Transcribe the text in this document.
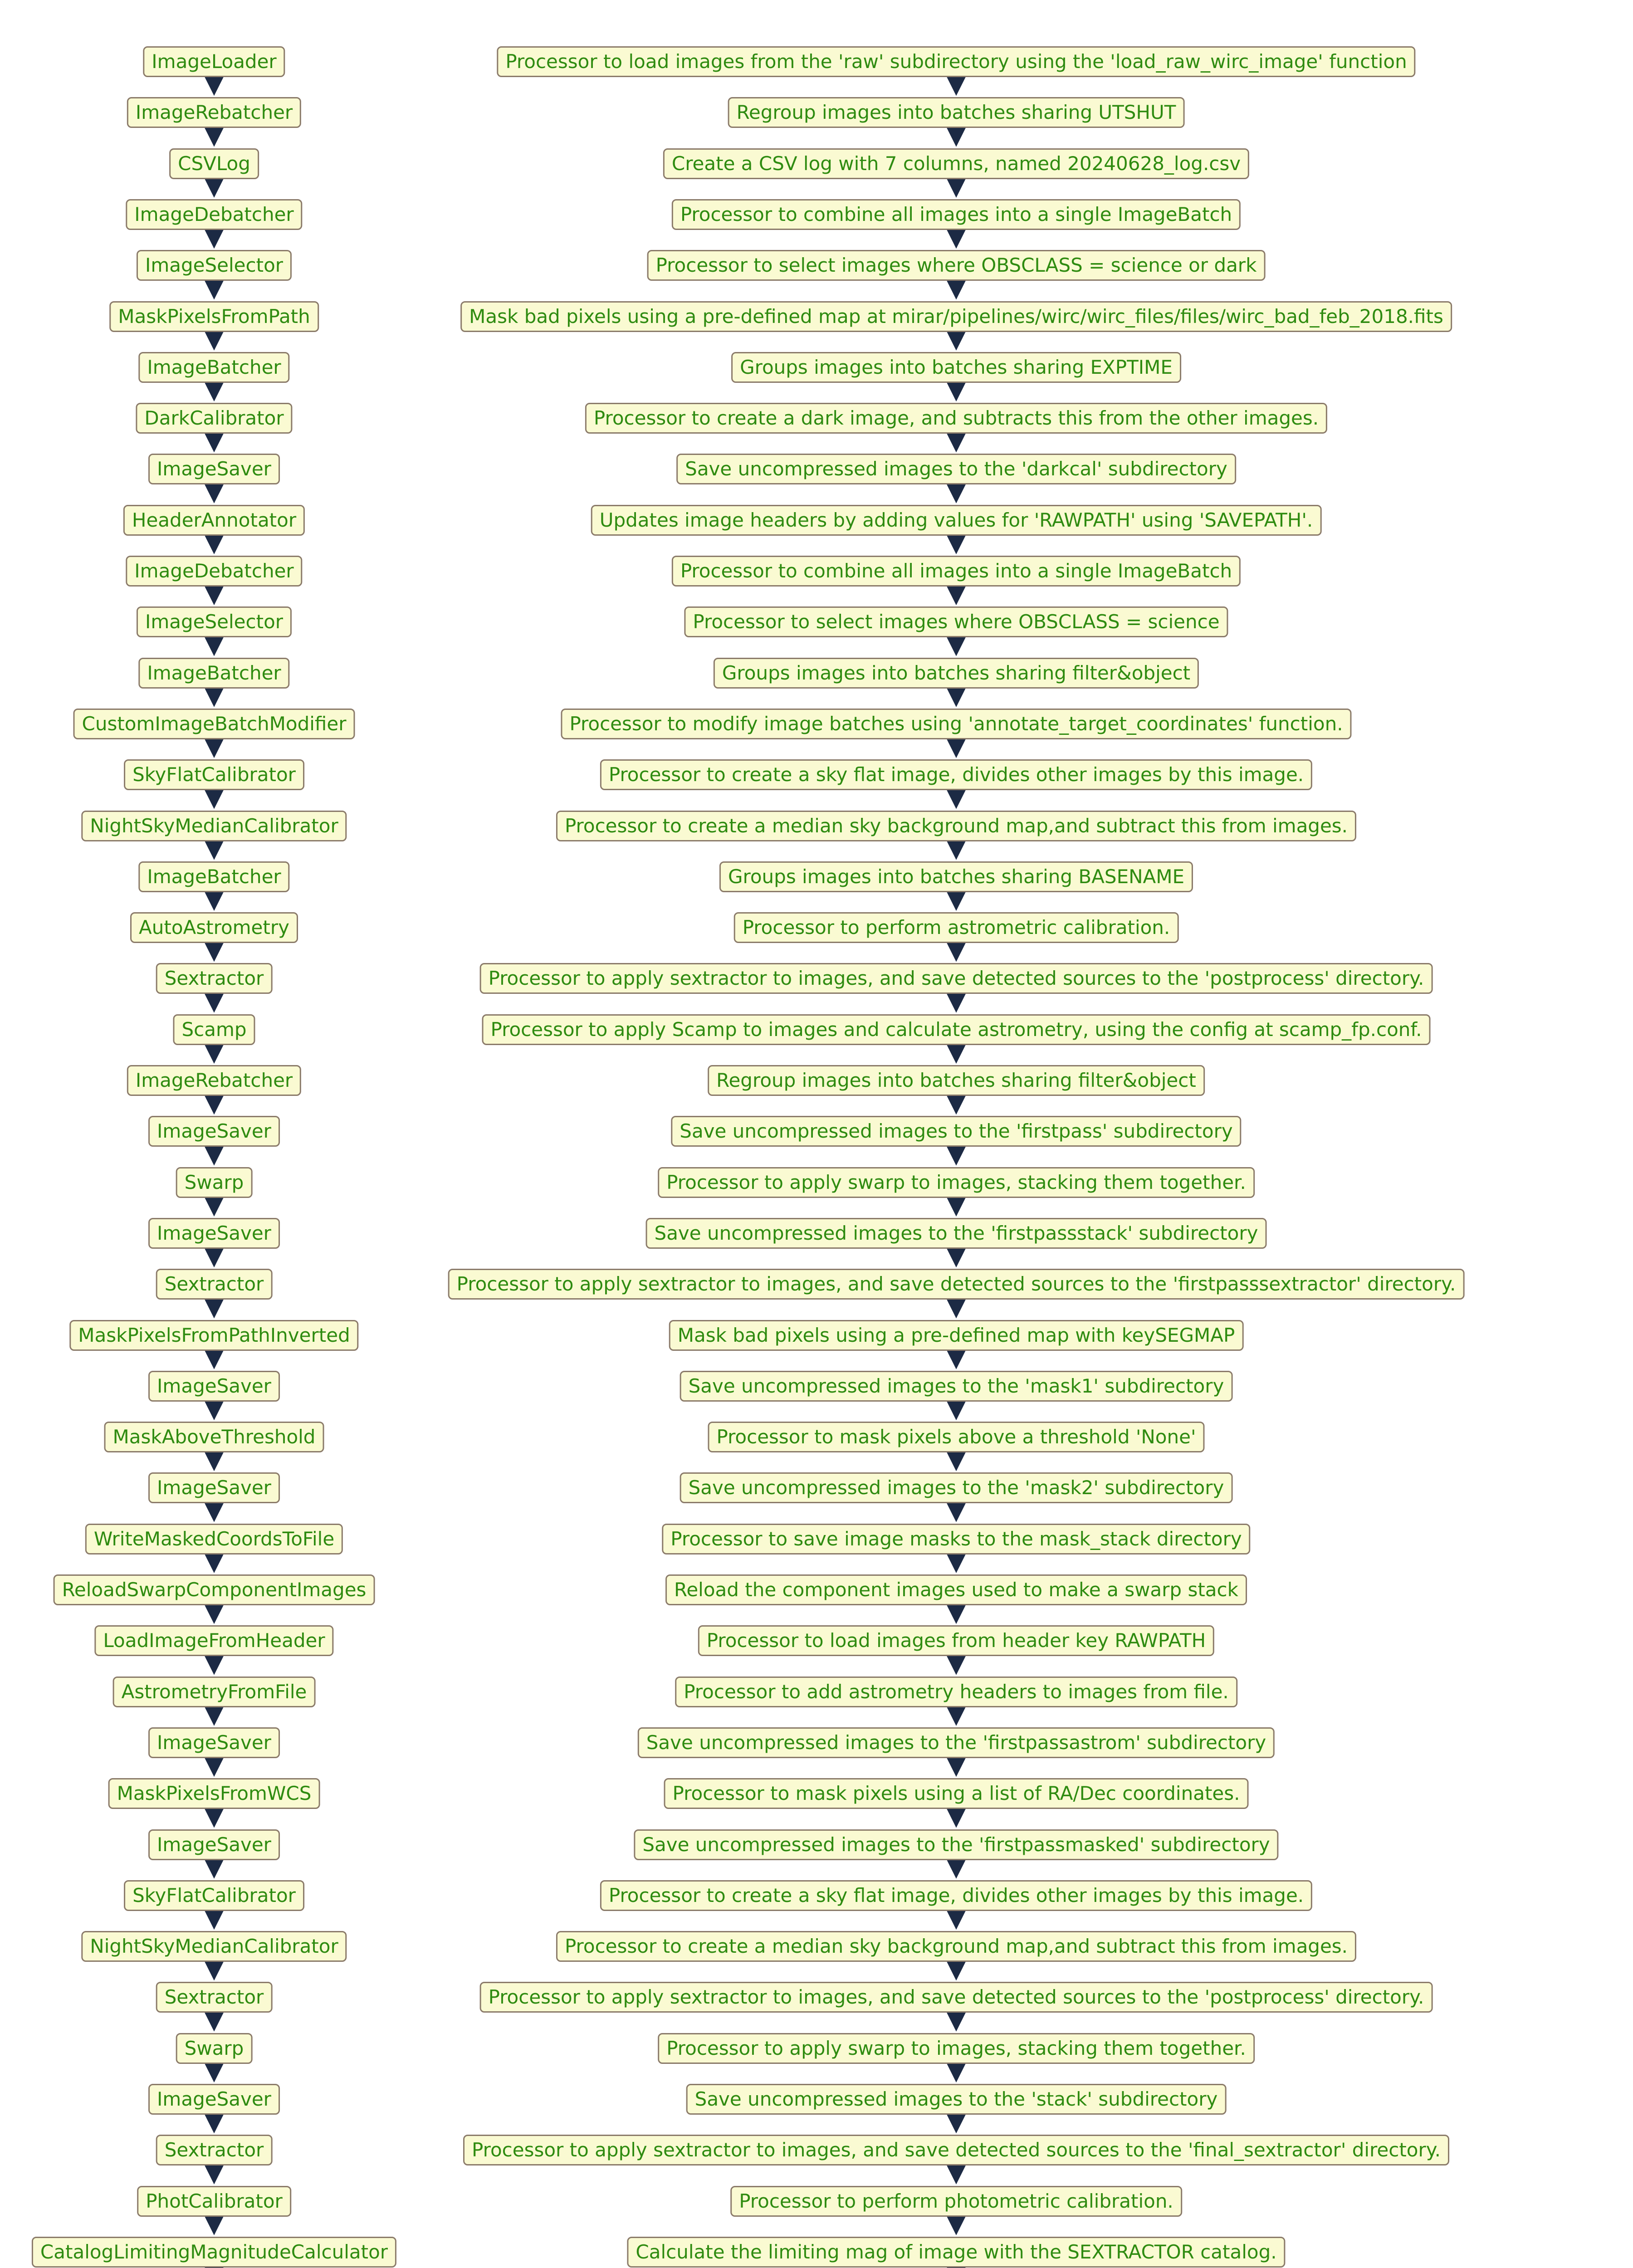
ImageLoader	Processor to load images from the 'raw' subdirectory using the 'load_raw_wirc_image' function
ImageRebatcher	Regroup images into batches sharing UTSHUT
CSVLog	Create a CSV log with 7 columns, named 20240628_log.csv
ImageDebatcher	Processor to combine all images into a single ImageBatch
ImageSelector	Processor to select images where OBSCLASS = science or dark
MaskPixelsFromPath	Mask bad pixels using a pre-defined map at mirar/pipelines/wirc/wirc_files/files/wirc_bad_feb_2018.fits
ImageBatcher	Groups images into batches sharing EXPTIME
DarkCalibrator	Processor to create a dark image, and subtracts this from the other images.
ImageSaver	Save uncompressed images to the 'darkcal' subdirectory
HeaderAnnotator	Updates image headers by adding values for 'RAWPATH' using 'SAVEPATH'.
ImageDebatcher	Processor to combine all images into a single ImageBatch
ImageSelector	Processor to select images where OBSCLASS = science
ImageBatcher	Groups images into batches sharing filter&object
CustomImageBatchModifier	Processor to modify image batches using 'annotate_target_coordinates' function.
SkyFlatCalibrator	Processor to create a sky flat image, divides other images by this image.
NightSkyMedianCalibrator	Processor to create a median sky background map,and subtract this from images.
ImageBatcher	Groups images into batches sharing BASENAME
AutoAstrometry	Processor to perform astrometric calibration.
Sextractor	Processor to apply sextractor to images, and save detected sources to the 'postprocess' directory.
Scamp	Processor to apply Scamp to images and calculate astrometry, using the config at scamp_fp.conf.
ImageRebatcher	Regroup images into batches sharing filter&object
ImageSaver	Save uncompressed images to the 'firstpass' subdirectory
Swarp	Processor to apply swarp to images, stacking them together.
ImageSaver	Save uncompressed images to the 'firstpassstack' subdirectory
Sextractor	Processor to apply sextractor to images, and save detected sources to the 'firstpasssextractor' directory.
MaskPixelsFromPathInverted	Mask bad pixels using a pre-defined map with keySEGMAP
ImageSaver	Save uncompressed images to the 'mask1' subdirectory
MaskAboveThreshold	Processor to mask pixels above a threshold 'None'
ImageSaver	Save uncompressed images to the 'mask2' subdirectory
WriteMaskedCoordsToFile	Processor to save image masks to the mask_stack directory
ReloadSwarpComponentImages	Reload the component images used to make a swarp stack
LoadImageFromHeader	Processor to load images from header key RAWPATH
AstrometryFromFile	Processor to add astrometry headers to images from file.
ImageSaver	Save uncompressed images to the 'firstpassastrom' subdirectory
MaskPixelsFromWCS	Processor to mask pixels using a list of RA/Dec coordinates.
ImageSaver	Save uncompressed images to the 'firstpassmasked' subdirectory
SkyFlatCalibrator	Processor to create a sky flat image, divides other images by this image.
NightSkyMedianCalibrator	Processor to create a median sky background map,and subtract this from images.
Sextractor	Processor to apply sextractor to images, and save detected sources to the 'postprocess' directory.
Swarp	Processor to apply swarp to images, stacking them together.
ImageSaver	Save uncompressed images to the 'stack' subdirectory
Sextractor	Processor to apply sextractor to images, and save detected sources to the 'final_sextractor' directory.
PhotCalibrator	Processor to perform photometric calibration.
CatalogLimitingMagnitudeCalculator	Calculate the limiting mag of image with the SEXTRACTOR catalog.
